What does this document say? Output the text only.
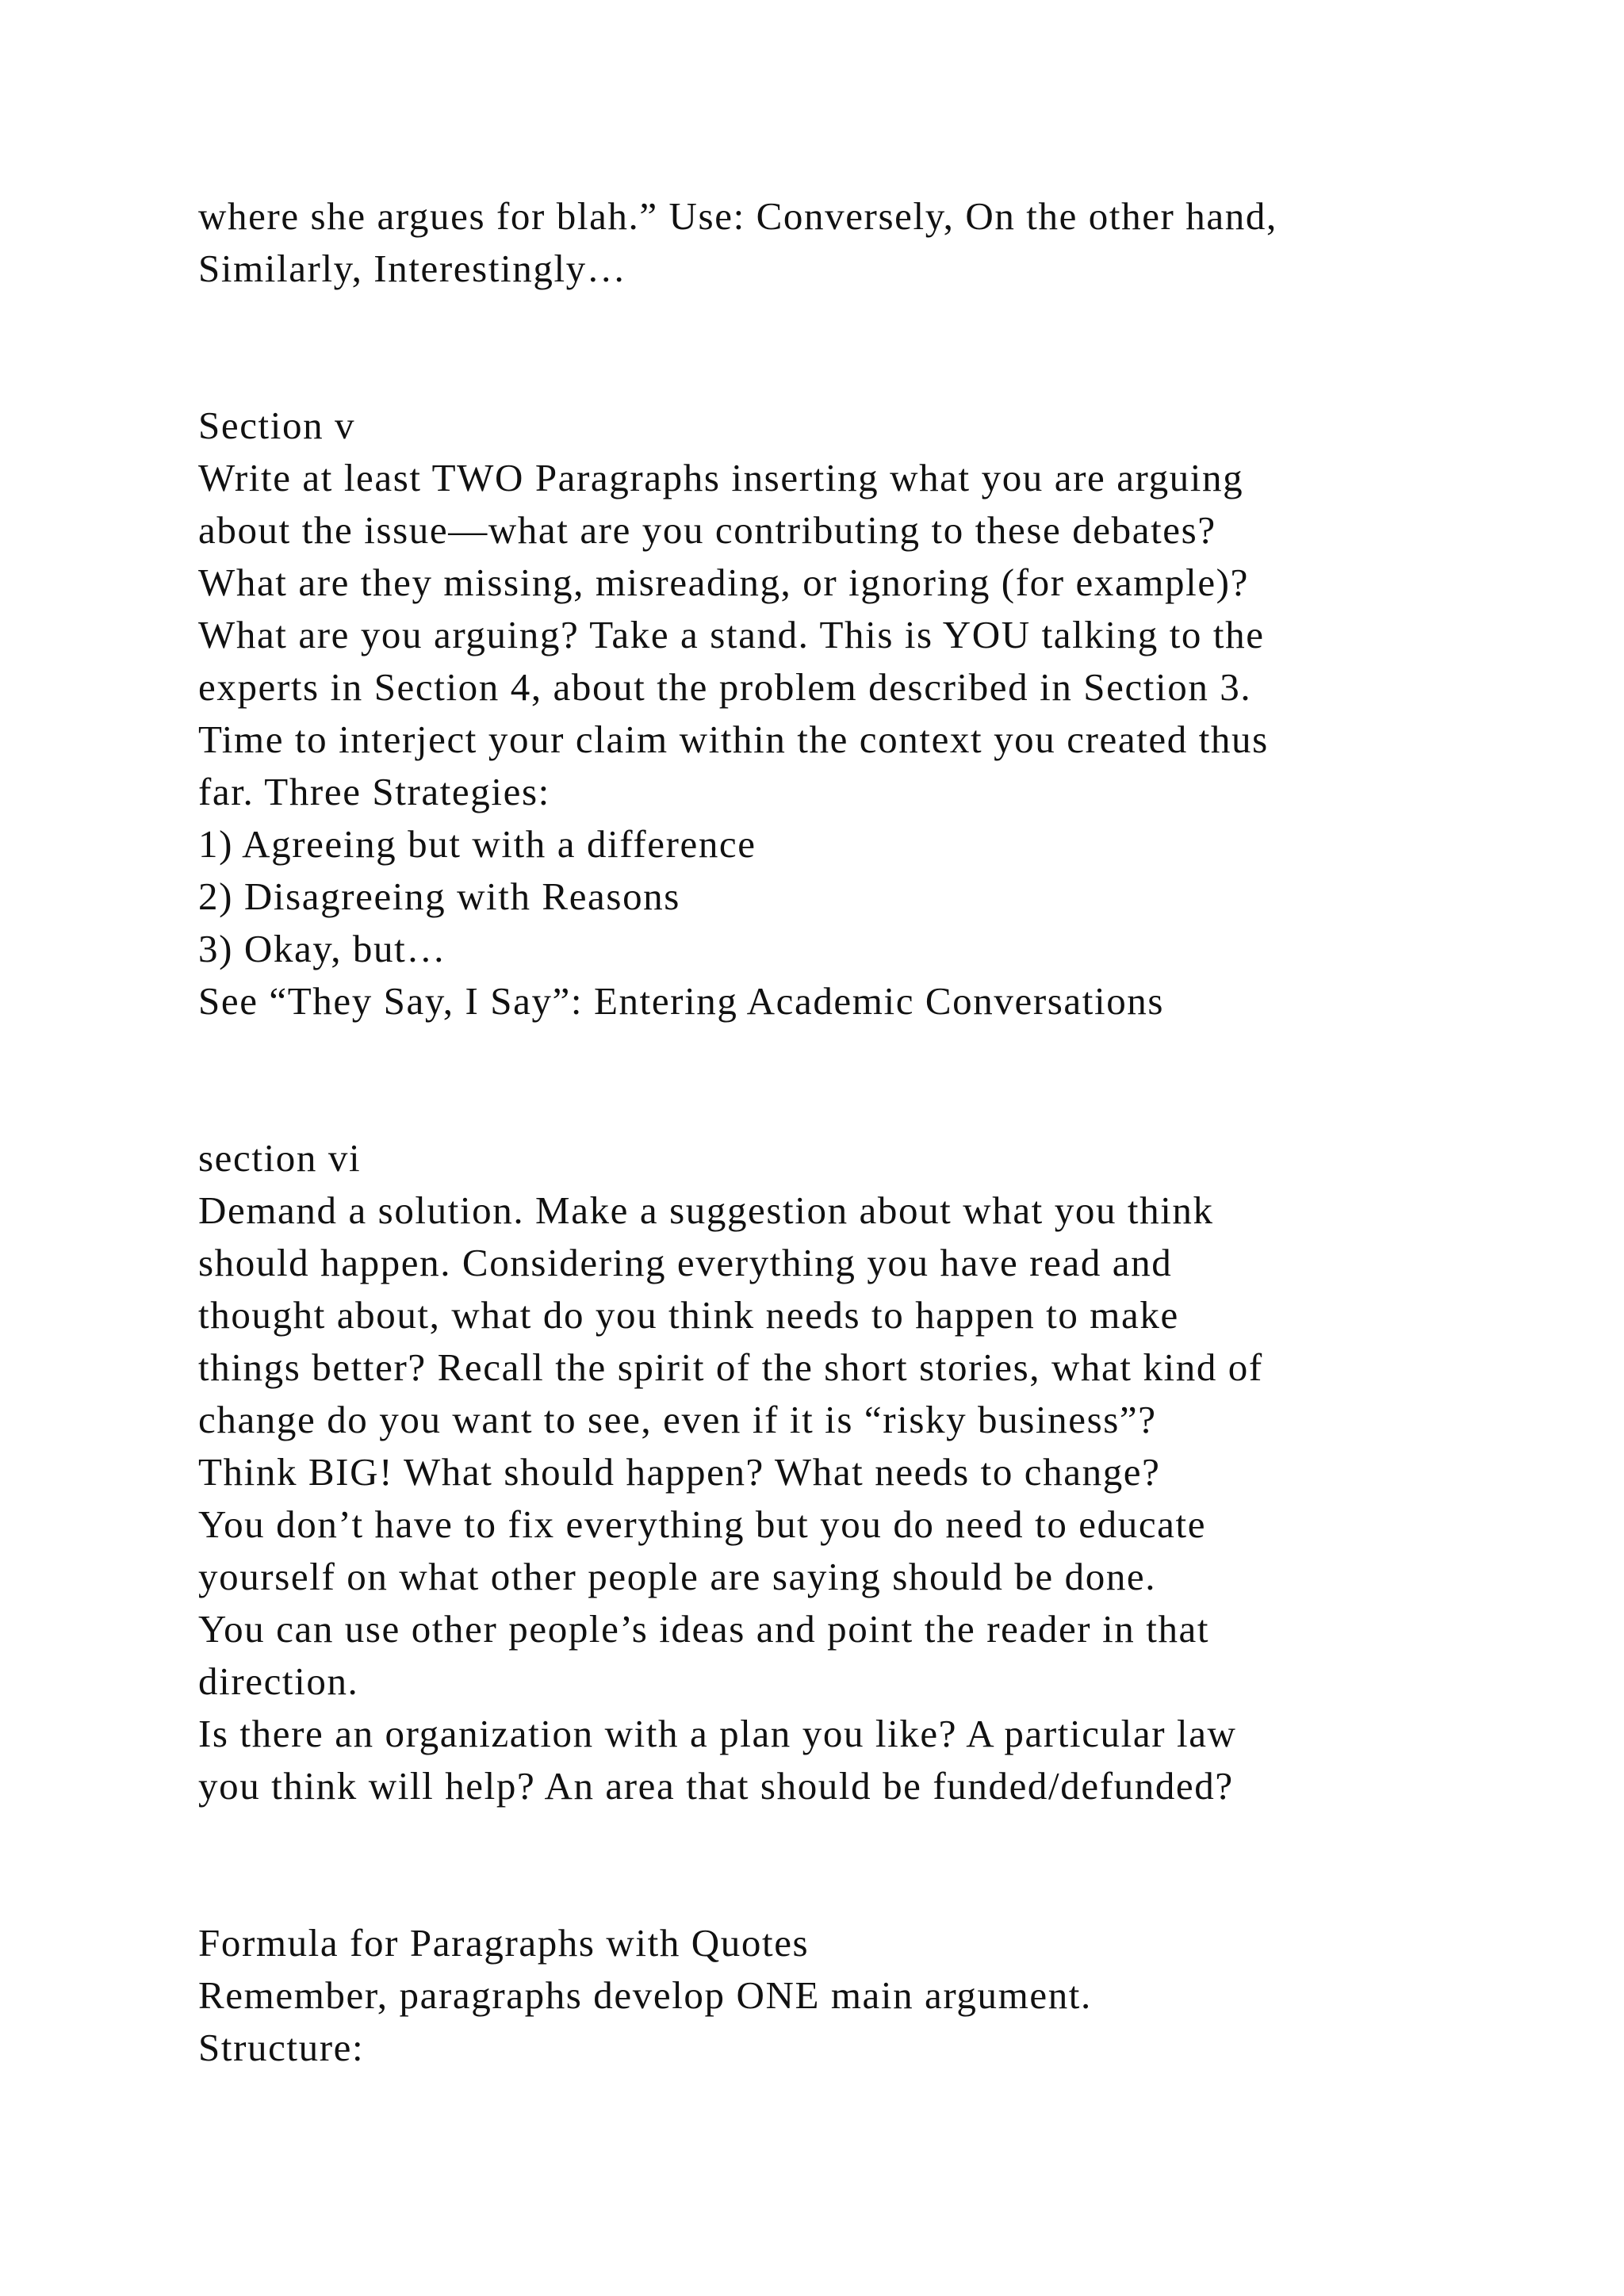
where she argues for blah.” Use: Conversely, On the other hand,
Similarly, Interestingly…
Section v
Write at least TWO Paragraphs inserting what you are arguing
about the issue—what are you contributing to these debates?
What are they missing, misreading, or ignoring (for example)?
What are you arguing? Take a stand. This is YOU talking to the
experts in Section 4, about the problem described in Section 3.
Time to interject your claim within the context you created thus
far. Three Strategies:
1) Agreeing but with a difference
2) Disagreeing with Reasons
3) Okay, but…
See “They Say, I Say”: Entering Academic Conversations
section vi
Demand a solution. Make a suggestion about what you think
should happen. Considering everything you have read and
thought about, what do you think needs to happen to make
things better? Recall the spirit of the short stories, what kind of
change do you want to see, even if it is “risky business”?
Think BIG! What should happen? What needs to change?
You don’t have to fix everything but you do need to educate
yourself on what other people are saying should be done.
You can use other people’s ideas and point the reader in that
direction.
Is there an organization with a plan you like? A particular law
you think will help? An area that should be funded/defunded?
Formula for Paragraphs with Quotes
Remember, paragraphs develop ONE main argument.
Structure:
